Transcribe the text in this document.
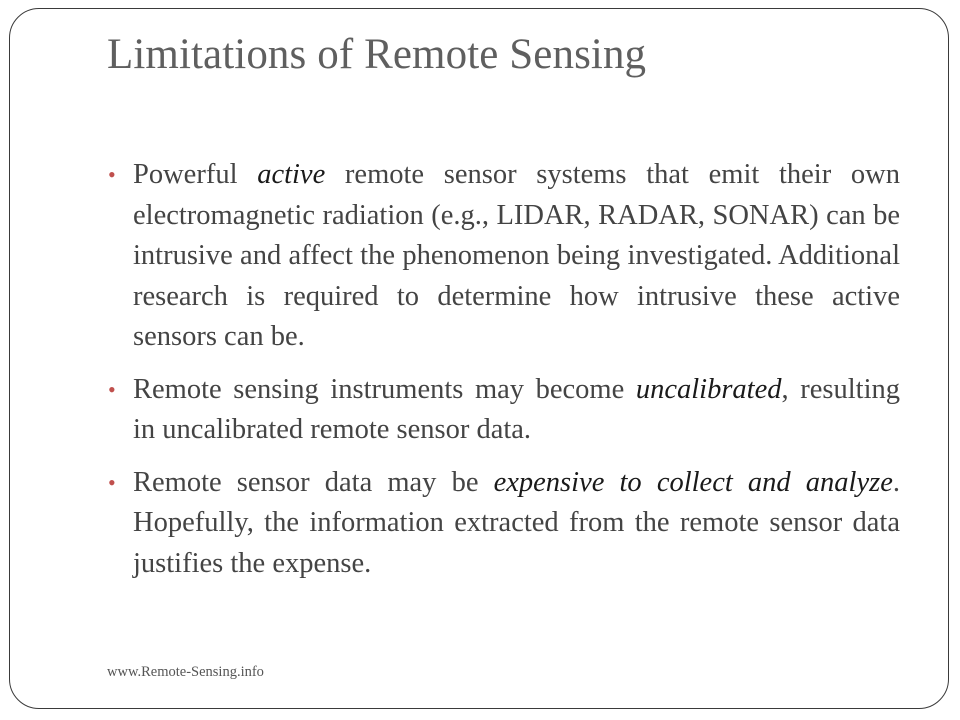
Limitations of Remote Sensing
• Powerful active remote sensor systems that emit their own electromagnetic radiation (e.g., LIDAR, RADAR, SONAR) can be intrusive and affect the phenomenon being investigated. Additional research is required to determine how intrusive these active sensors can be.
• Remote sensing instruments may become uncalibrated, resulting in uncalibrated remote sensor data.
• Remote sensor data may be expensive to collect and analyze. Hopefully, the information extracted from the remote sensor data justifies the expense.
www.Remote-Sensing.info
